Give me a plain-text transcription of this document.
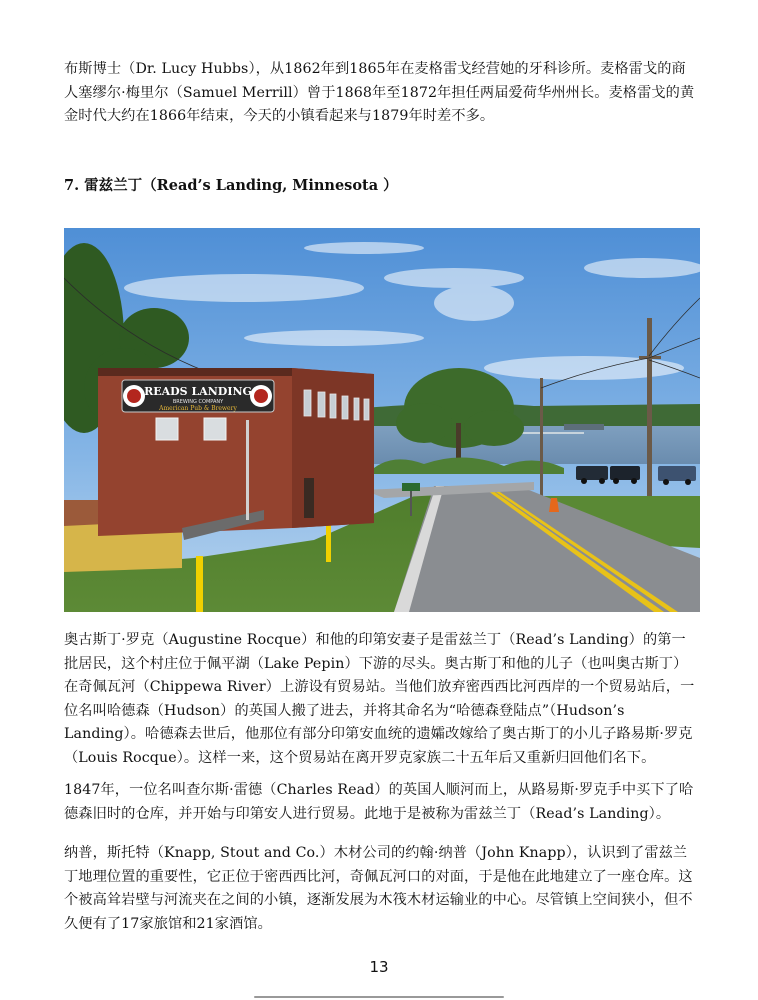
布斯博士（Dr. Lucy Hubbs），从1862年到1865年在麦格雷戈经营她的牙科诊所。麦格雷戈的商人塞缪尔·梅里尔（Samuel Merrill）曾于1868年至1872年担任两届爱荷华州州长。麦格雷戈的黄金时代大约在1866年结束，今天的小镇看起来与1879年时差不多。

7. 雷兹兰丁（Read’s Landing, Minnesota ）
READS LANDING
BREWING COMPANY
American Pub & Brewery

奥古斯丁·罗克（Augustine Rocque）和他的印第安妻子是雷兹兰丁（Read’s Landing）的第一批居民，这个村庄位于佩平湖（Lake Pepin）下游的尽头。奥古斯丁和他的儿子（也叫奥古斯丁）在奇佩瓦河（Chippewa River）上游设有贸易站。当他们放弃密西西比河西岸的一个贸易站后，一位名叫哈德森（Hudson）的英国人搬了进去，并将其命名为“哈德森登陆点”（Hudson’s Landing）。哈德森去世后，他那位有部分印第安血统的遗孀改嫁给了奥古斯丁的小儿子路易斯·罗克（Louis Rocque）。这样一来，这个贸易站在离开罗克家族二十五年后又重新归回他们名下。

1847年，一位名叫查尔斯·雷德（Charles Read）的英国人顺河而上，从路易斯·罗克手中买下了哈德森旧时的仓库，并开始与印第安人进行贸易。此地于是被称为雷兹兰丁（Read’s Landing）。

纳普，斯托特（Knapp, Stout and Co.）木材公司的约翰·纳普（John Knapp），认识到了雷兹兰丁地理位置的重要性，它正位于密西西比河，奇佩瓦河口的对面，于是他在此地建立了一座仓库。这个被高耸岩壁与河流夹在之间的小镇，逐渐发展为木筏木材运输业的中心。尽管镇上空间狭小，但不久便有了17家旅馆和21家酒馆。

13
